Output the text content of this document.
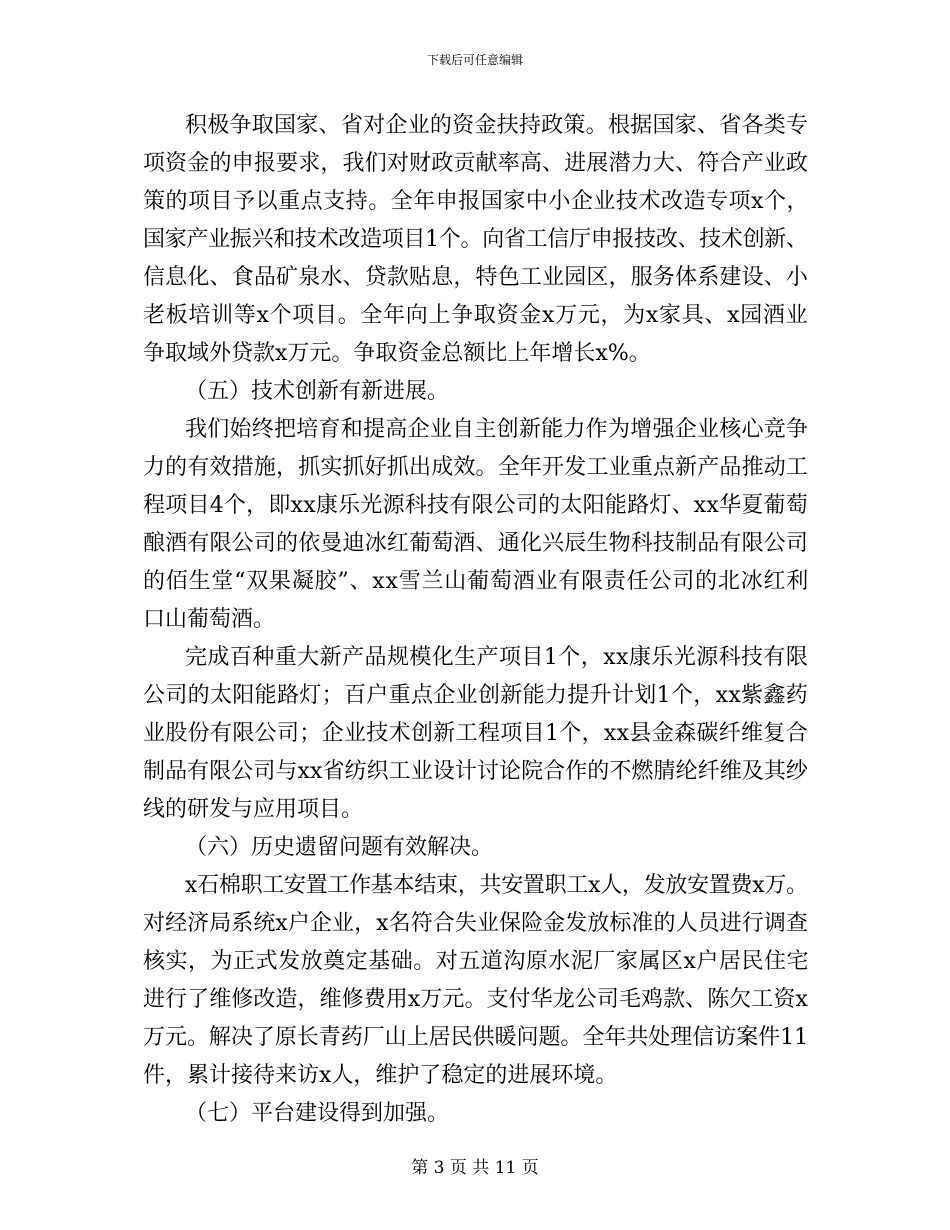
下载后可任意编辑
积极争取国家、省对企业的资金扶持政策。根据国家、省各类专
项资金的申报要求，我们对财政贡献率高、进展潜力大、符合产业政
策的项目予以重点支持。全年申报国家中小企业技术改造专项x个，
国家产业振兴和技术改造项目1个。向省工信厅申报技改、技术创新、
信息化、食品矿泉水、贷款贴息，特色工业园区，服务体系建设、小
老板培训等x个项目。全年向上争取资金x万元，为x家具、x园酒业
争取域外贷款x万元。争取资金总额比上年增长x%。
（五）技术创新有新进展。
我们始终把培育和提高企业自主创新能力作为增强企业核心竞争
力的有效措施，抓实抓好抓出成效。全年开发工业重点新产品推动工
程项目4个，即xx康乐光源科技有限公司的太阳能路灯、xx华夏葡萄
酿酒有限公司的依曼迪冰红葡萄酒、通化兴辰生物科技制品有限公司
的佰生堂“双果凝胶”、xx雪兰山葡萄酒业有限责任公司的北冰红利
口山葡萄酒。
完成百种重大新产品规模化生产项目1个，xx康乐光源科技有限
公司的太阳能路灯；百户重点企业创新能力提升计划1个，xx紫鑫药
业股份有限公司；企业技术创新工程项目1个，xx县金森碳纤维复合
制品有限公司与xx省纺织工业设计讨论院合作的不燃腈纶纤维及其纱
线的研发与应用项目。
（六）历史遗留问题有效解决。
x石棉职工安置工作基本结束，共安置职工x人，发放安置费x万。
对经济局系统x户企业，x名符合失业保险金发放标准的人员进行调查
核实，为正式发放奠定基础。对五道沟原水泥厂家属区x户居民住宅
进行了维修改造，维修费用x万元。支付华龙公司毛鸡款、陈欠工资x
万元。解决了原长青药厂山上居民供暖问题。全年共处理信访案件11
件，累计接待来访x人，维护了稳定的进展环境。
（七）平台建设得到加强。
第 3 页 共 11 页
